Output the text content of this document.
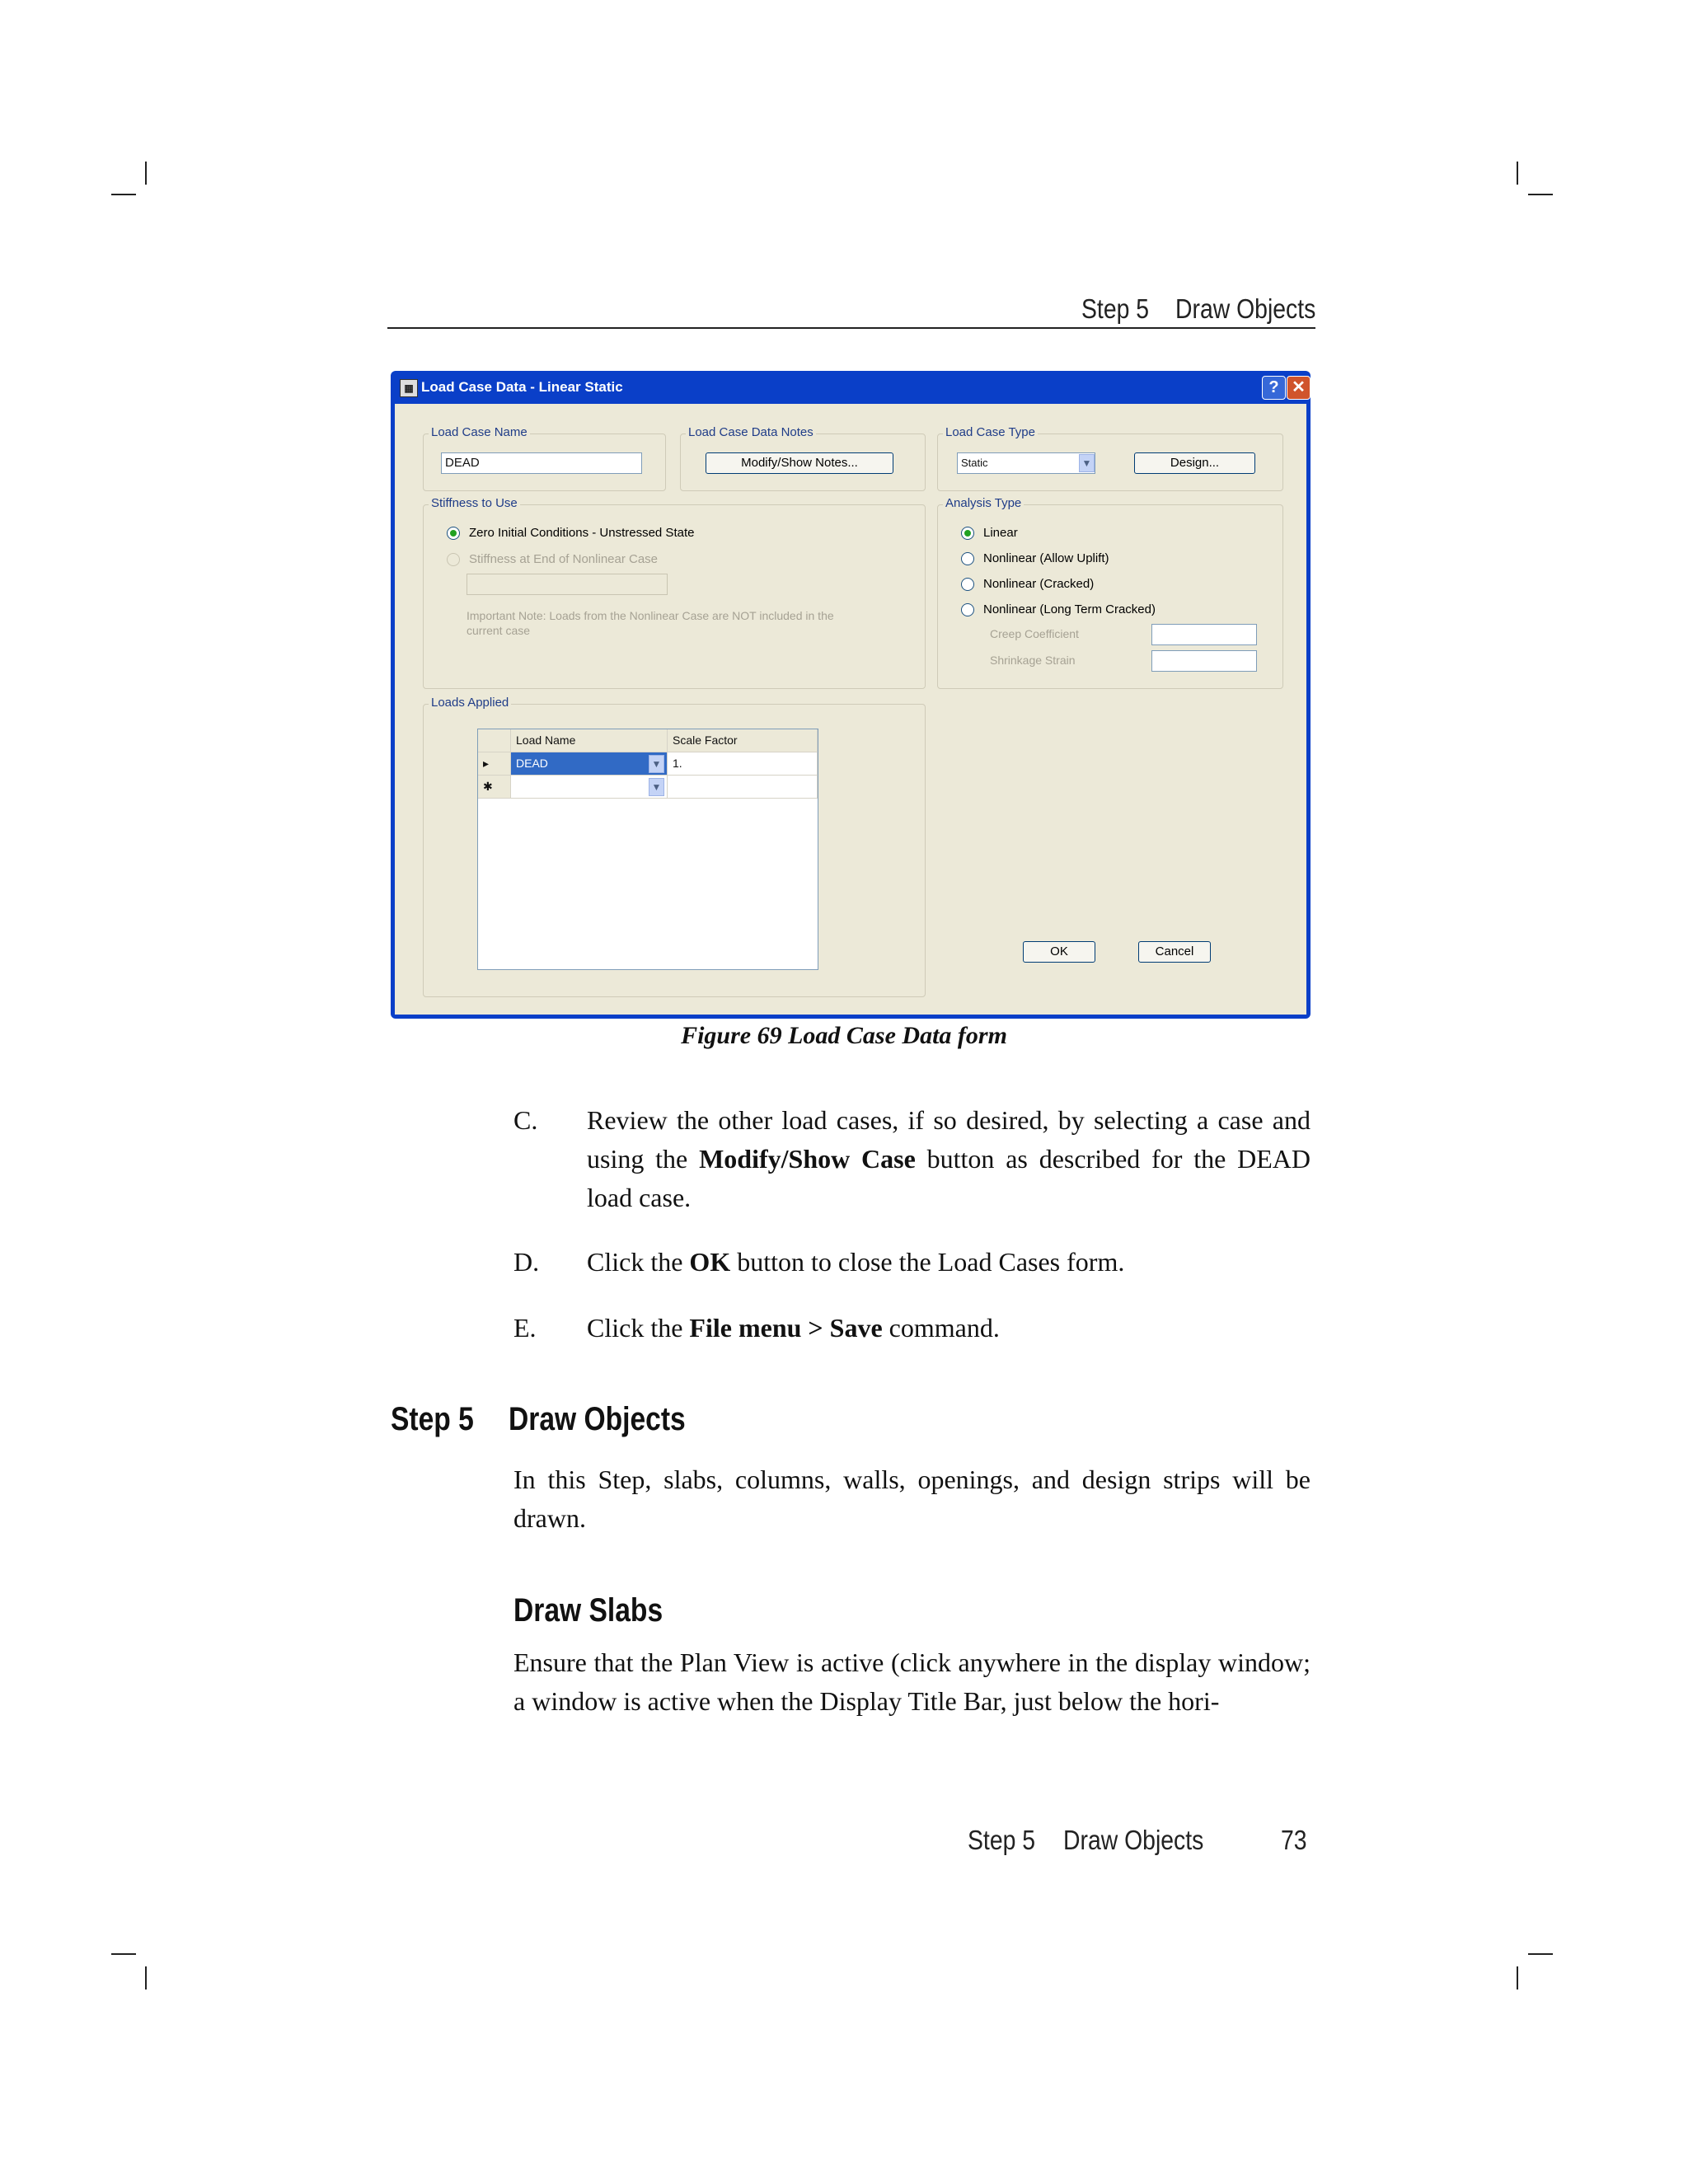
Step 5 Draw Objects
▦ Load Case Data - Linear Static	? ✕
Load Case Name
DEAD
Load Case Data Notes
Modify/Show Notes...
Load Case Type
Static	▼	Design...
Stiffness to Use
Zero Initial Conditions - Unstressed State
Stiffness at End of Nonlinear Case
Important Note: Loads from the Nonlinear Case are NOT included in the current case
Analysis Type
Linear
Nonlinear (Allow Uplift)
Nonlinear (Cracked)
Nonlinear (Long Term Cracked)
Creep Coefficient
Shrinkage Strain
Loads Applied
Load Name	Scale Factor
▸	DEAD	▼ 1.
✱	▼
OK	Cancel
Figure 69 Load Case Data form
C. Review the other load cases, if so desired, by selecting a case and using the Modify/Show Case button as described for the DEAD load case.
D. Click the OK button to close the Load Cases form.
E. Click the File menu > Save command.
Step 5 Draw Objects
In this Step, slabs, columns, walls, openings, and design strips will be drawn.
Draw Slabs
Ensure that the Plan View is active (click anywhere in the display window; a window is active when the Display Title Bar, just below the hori-
Step 5 Draw Objects	73
